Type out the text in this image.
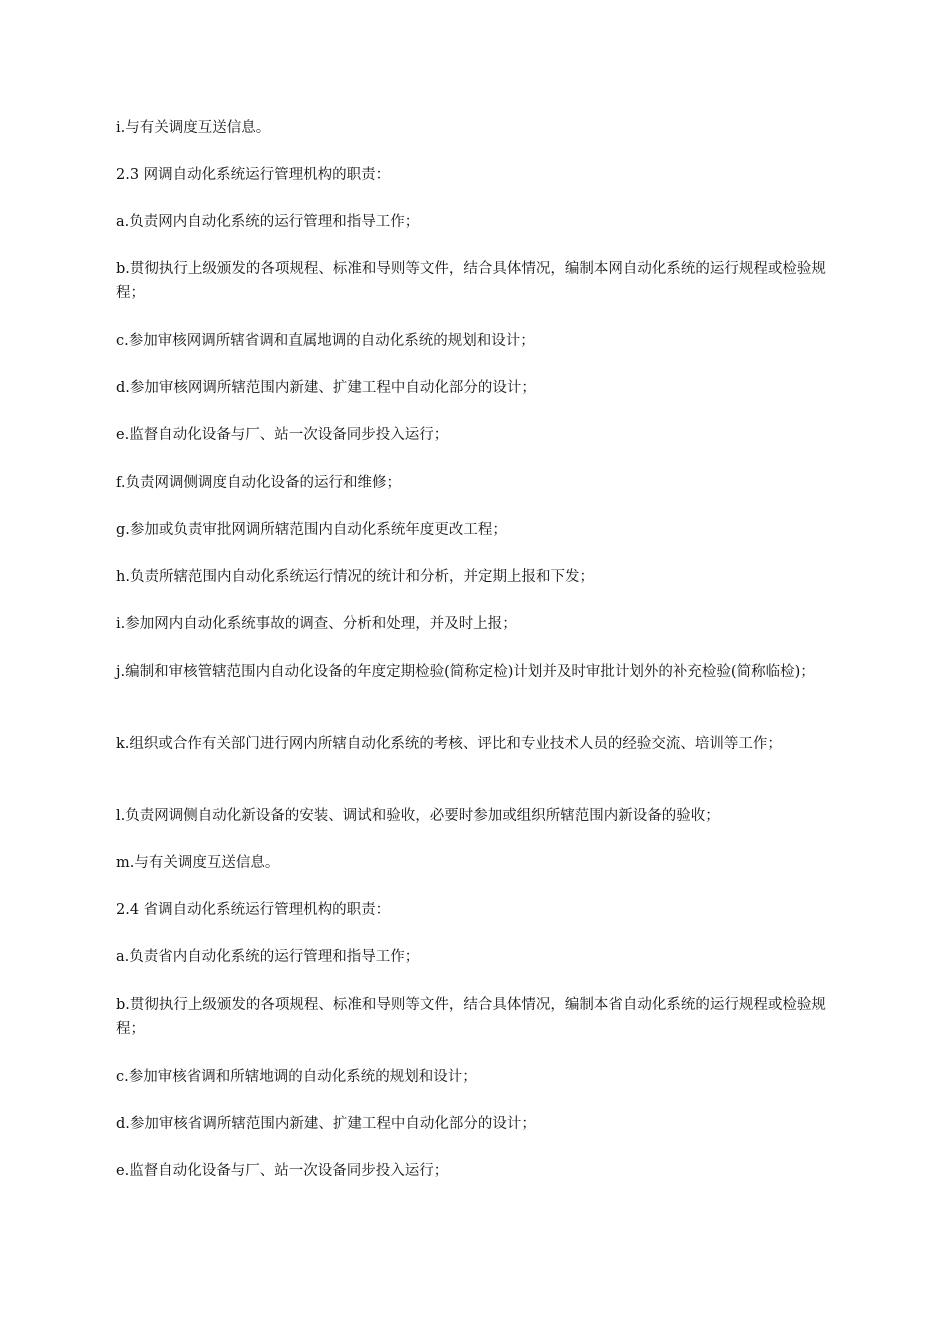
i.与有关调度互送信息。

2.3 网调自动化系统运行管理机构的职责：

a.负责网内自动化系统的运行管理和指导工作；

b.贯彻执行上级颁发的各项规程、标准和导则等文件，结合具体情况，编制本网自动化系统的运行规程或检验规程；

c.参加审核网调所辖省调和直属地调的自动化系统的规划和设计；

d.参加审核网调所辖范围内新建、扩建工程中自动化部分的设计；

e.监督自动化设备与厂、站一次设备同步投入运行；

f.负责网调侧调度自动化设备的运行和维修；

g.参加或负责审批网调所辖范围内自动化系统年度更改工程；

h.负责所辖范围内自动化系统运行情况的统计和分析，并定期上报和下发；

i.参加网内自动化系统事故的调查、分析和处理，并及时上报；

j.编制和审核管辖范围内自动化设备的年度定期检验(简称定检)计划并及时审批计划外的补充检验(简称临检)；

k.组织或合作有关部门进行网内所辖自动化系统的考核、评比和专业技术人员的经验交流、培训等工作；

l.负责网调侧自动化新设备的安装、调试和验收，必要时参加或组织所辖范围内新设备的验收；

m.与有关调度互送信息。

2.4 省调自动化系统运行管理机构的职责：

a.负责省内自动化系统的运行管理和指导工作；

b.贯彻执行上级颁发的各项规程、标准和导则等文件，结合具体情况，编制本省自动化系统的运行规程或检验规程；

c.参加审核省调和所辖地调的自动化系统的规划和设计；

d.参加审核省调所辖范围内新建、扩建工程中自动化部分的设计；

e.监督自动化设备与厂、站一次设备同步投入运行；
